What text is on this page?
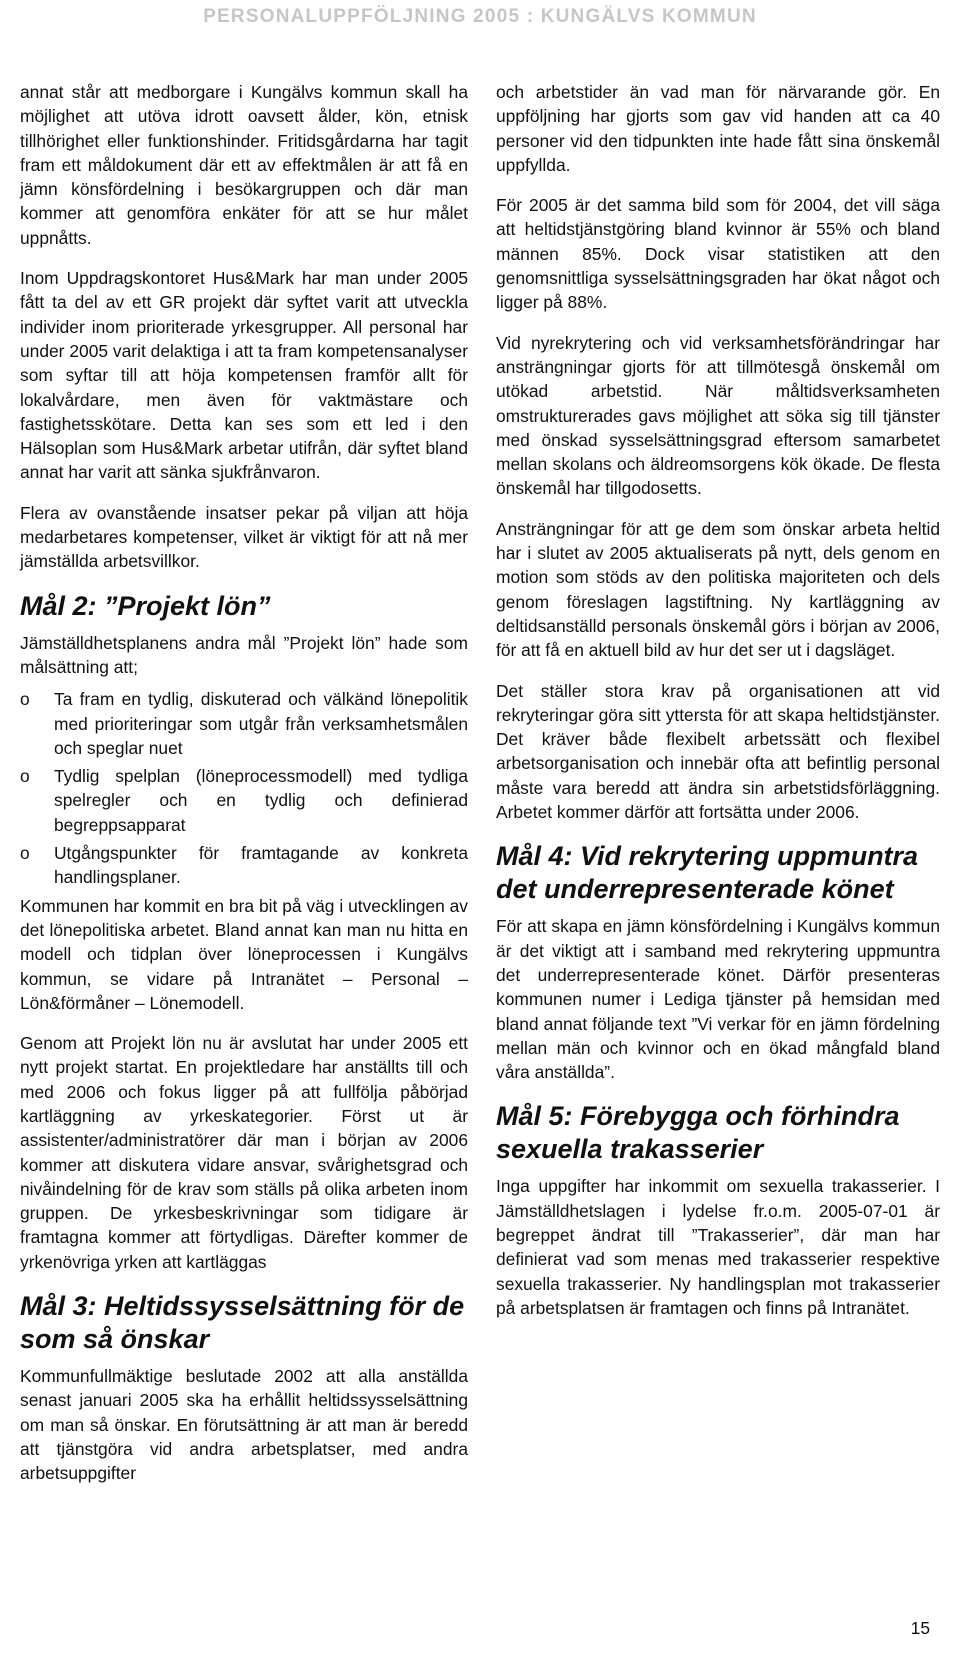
PERSONALUPPFÖLJNING 2005 : KUNGÄLVS KOMMUN

annat står att medborgare i Kungälvs kommun skall ha möjlighet att utöva idrott oavsett ålder, kön, etnisk tillhörighet eller funktionshinder. Fritidsgårdarna har tagit fram ett måldokument där ett av effektmålen är att få en jämn könsfördelning i besökargruppen och där man kommer att genomföra enkäter för att se hur målet uppnåtts.

Inom Uppdragskontoret Hus&Mark har man under 2005 fått ta del av ett GR projekt där syftet varit att utveckla individer inom prioriterade yrkesgrupper. All personal har under 2005 varit delaktiga i att ta fram kompetensanalyser som syftar till att höja kompetensen framför allt för lokalvårdare, men även för vaktmästare och fastighetsskötare. Detta kan ses som ett led i den Hälsoplan som Hus&Mark arbetar utifrån, där syftet bland annat har varit att sänka sjukfrånvaron.

Flera av ovanstående insatser pekar på viljan att höja medarbetares kompetenser, vilket är viktigt för att nå mer jämställda arbetsvillkor.

Mål 2: ”Projekt lön”

Jämställdhetsplanens andra mål ”Projekt lön” hade som målsättning att;

o Ta fram en tydlig, diskuterad och välkänd lönepolitik med prioriteringar som utgår från verksamhetsmålen och speglar nuet
o Tydlig spelplan (löneprocessmodell) med tydliga spelregler och en tydlig och definierad begreppsapparat
o Utgångspunkter för framtagande av konkreta handlingsplaner.

Kommunen har kommit en bra bit på väg i utvecklingen av det lönepolitiska arbetet. Bland annat kan man nu hitta en modell och tidplan över löneprocessen i Kungälvs kommun, se vidare på Intranätet – Personal – Lön&förmåner – Lönemodell.

Genom att Projekt lön nu är avslutat har under 2005 ett nytt projekt startat. En projektledare har anställts till och med 2006 och fokus ligger på att fullfölja påbörjad kartläggning av yrkeskategorier. Först ut är assistenter/administratörer där man i början av 2006 kommer att diskutera vidare ansvar, svårighetsgrad och nivåindelning för de krav som ställs på olika arbeten inom gruppen. De yrkesbeskrivningar som tidigare är framtagna kommer att förtydligas. Därefter kommer de yrkenövriga yrken att kartläggas

Mål 3: Heltidssysselsättning för de som så önskar

Kommunfullmäktige beslutade 2002 att alla anställda senast januari 2005 ska ha erhållit heltidssysselsättning om man så önskar. En förutsättning är att man är beredd att tjänstgöra vid andra arbetsplatser, med andra arbetsuppgifter

och arbetstider än vad man för närvarande gör. En uppföljning har gjorts som gav vid handen att ca 40 personer vid den tidpunkten inte hade fått sina önskemål uppfyllda.

För 2005 är det samma bild som för 2004, det vill säga att heltidstjänstgöring bland kvinnor är 55% och bland männen 85%. Dock visar statistiken att den genomsnittliga sysselsättningsgraden har ökat något och ligger på 88%.

Vid nyrekrytering och vid verksamhetsförändringar har ansträngningar gjorts för att tillmötesgå önskemål om utökad arbetstid. När måltidsverksamheten omstrukturerades gavs möjlighet att söka sig till tjänster med önskad sysselsättningsgrad eftersom samarbetet mellan skolans och äldreomsorgens kök ökade. De flesta önskemål har tillgodosetts.

Ansträngningar för att ge dem som önskar arbeta heltid har i slutet av 2005 aktualiserats på nytt, dels genom en motion som stöds av den politiska majoriteten och dels genom föreslagen lagstiftning. Ny kartläggning av deltidsanställd personals önskemål görs i början av 2006, för att få en aktuell bild av hur det ser ut i dagsläget.

Det ställer stora krav på organisationen att vid rekryteringar göra sitt yttersta för att skapa heltidstjänster. Det kräver både flexibelt arbetssätt och flexibel arbetsorganisation och innebär ofta att befintlig personal måste vara beredd att ändra sin arbetstidsförläggning. Arbetet kommer därför att fortsätta under 2006.

Mål 4: Vid rekrytering uppmuntra det underrepresenterade könet

För att skapa en jämn könsfördelning i Kungälvs kommun är det viktigt att i samband med rekrytering uppmuntra det underrepresenterade könet. Därför presenteras kommunen numer i Lediga tjänster på hemsidan med bland annat följande text ”Vi verkar för en jämn fördelning mellan män och kvinnor och en ökad mångfald bland våra anställda”.

Mål 5: Förebygga och förhindra sexuella trakasserier

Inga uppgifter har inkommit om sexuella trakasserier. I Jämställdhetslagen i lydelse fr.o.m. 2005-07-01 är begreppet ändrat till ”Trakasserier”, där man har definierat vad som menas med trakasserier respektive sexuella trakasserier. Ny handlingsplan mot trakasserier på arbetsplatsen är framtagen och finns på Intranätet.

15
